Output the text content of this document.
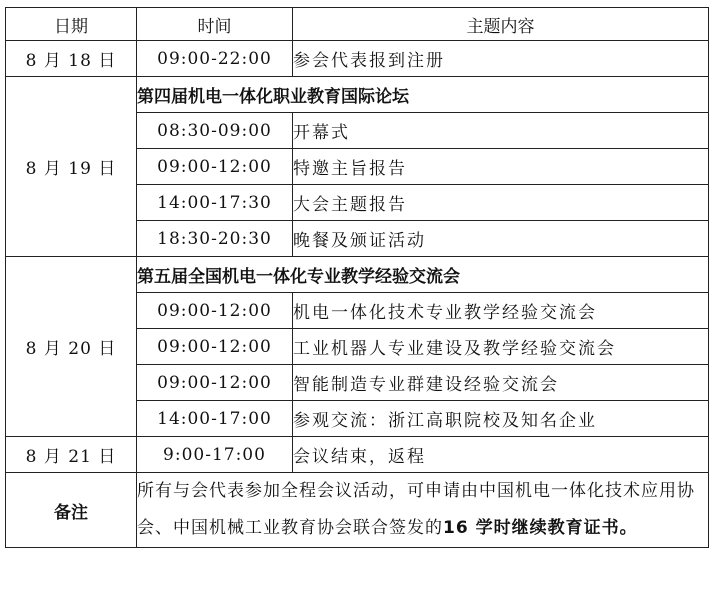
日期	时间	主题内容
8 月 18 日	09:00-22:00	参会代表报到注册
8 月 19 日	第四届机电一体化职业教育国际论坛	
	08:30-09:00	开幕式
	09:00-12:00	特邀主旨报告
	14:00-17:30	大会主题报告
	18:30-20:30	晚餐及颁证活动
8 月 20 日	第五届全国机电一体化专业教学经验交流会	
	09:00-12:00	机电一体化技术专业教学经验交流会
	09:00-12:00	工业机器人专业建设及教学经验交流会
	09:00-12:00	智能制造专业群建设经验交流会
	14:00-17:00	参观交流：浙江高职院校及知名企业
8 月 21 日	9:00-17:00	会议结束，返程
备注	所有与会代表参加全程会议活动，可申请由中国机电一体化技术应用协会、中国机械工业教育协会联合签发的16 学时继续教育证书。	
